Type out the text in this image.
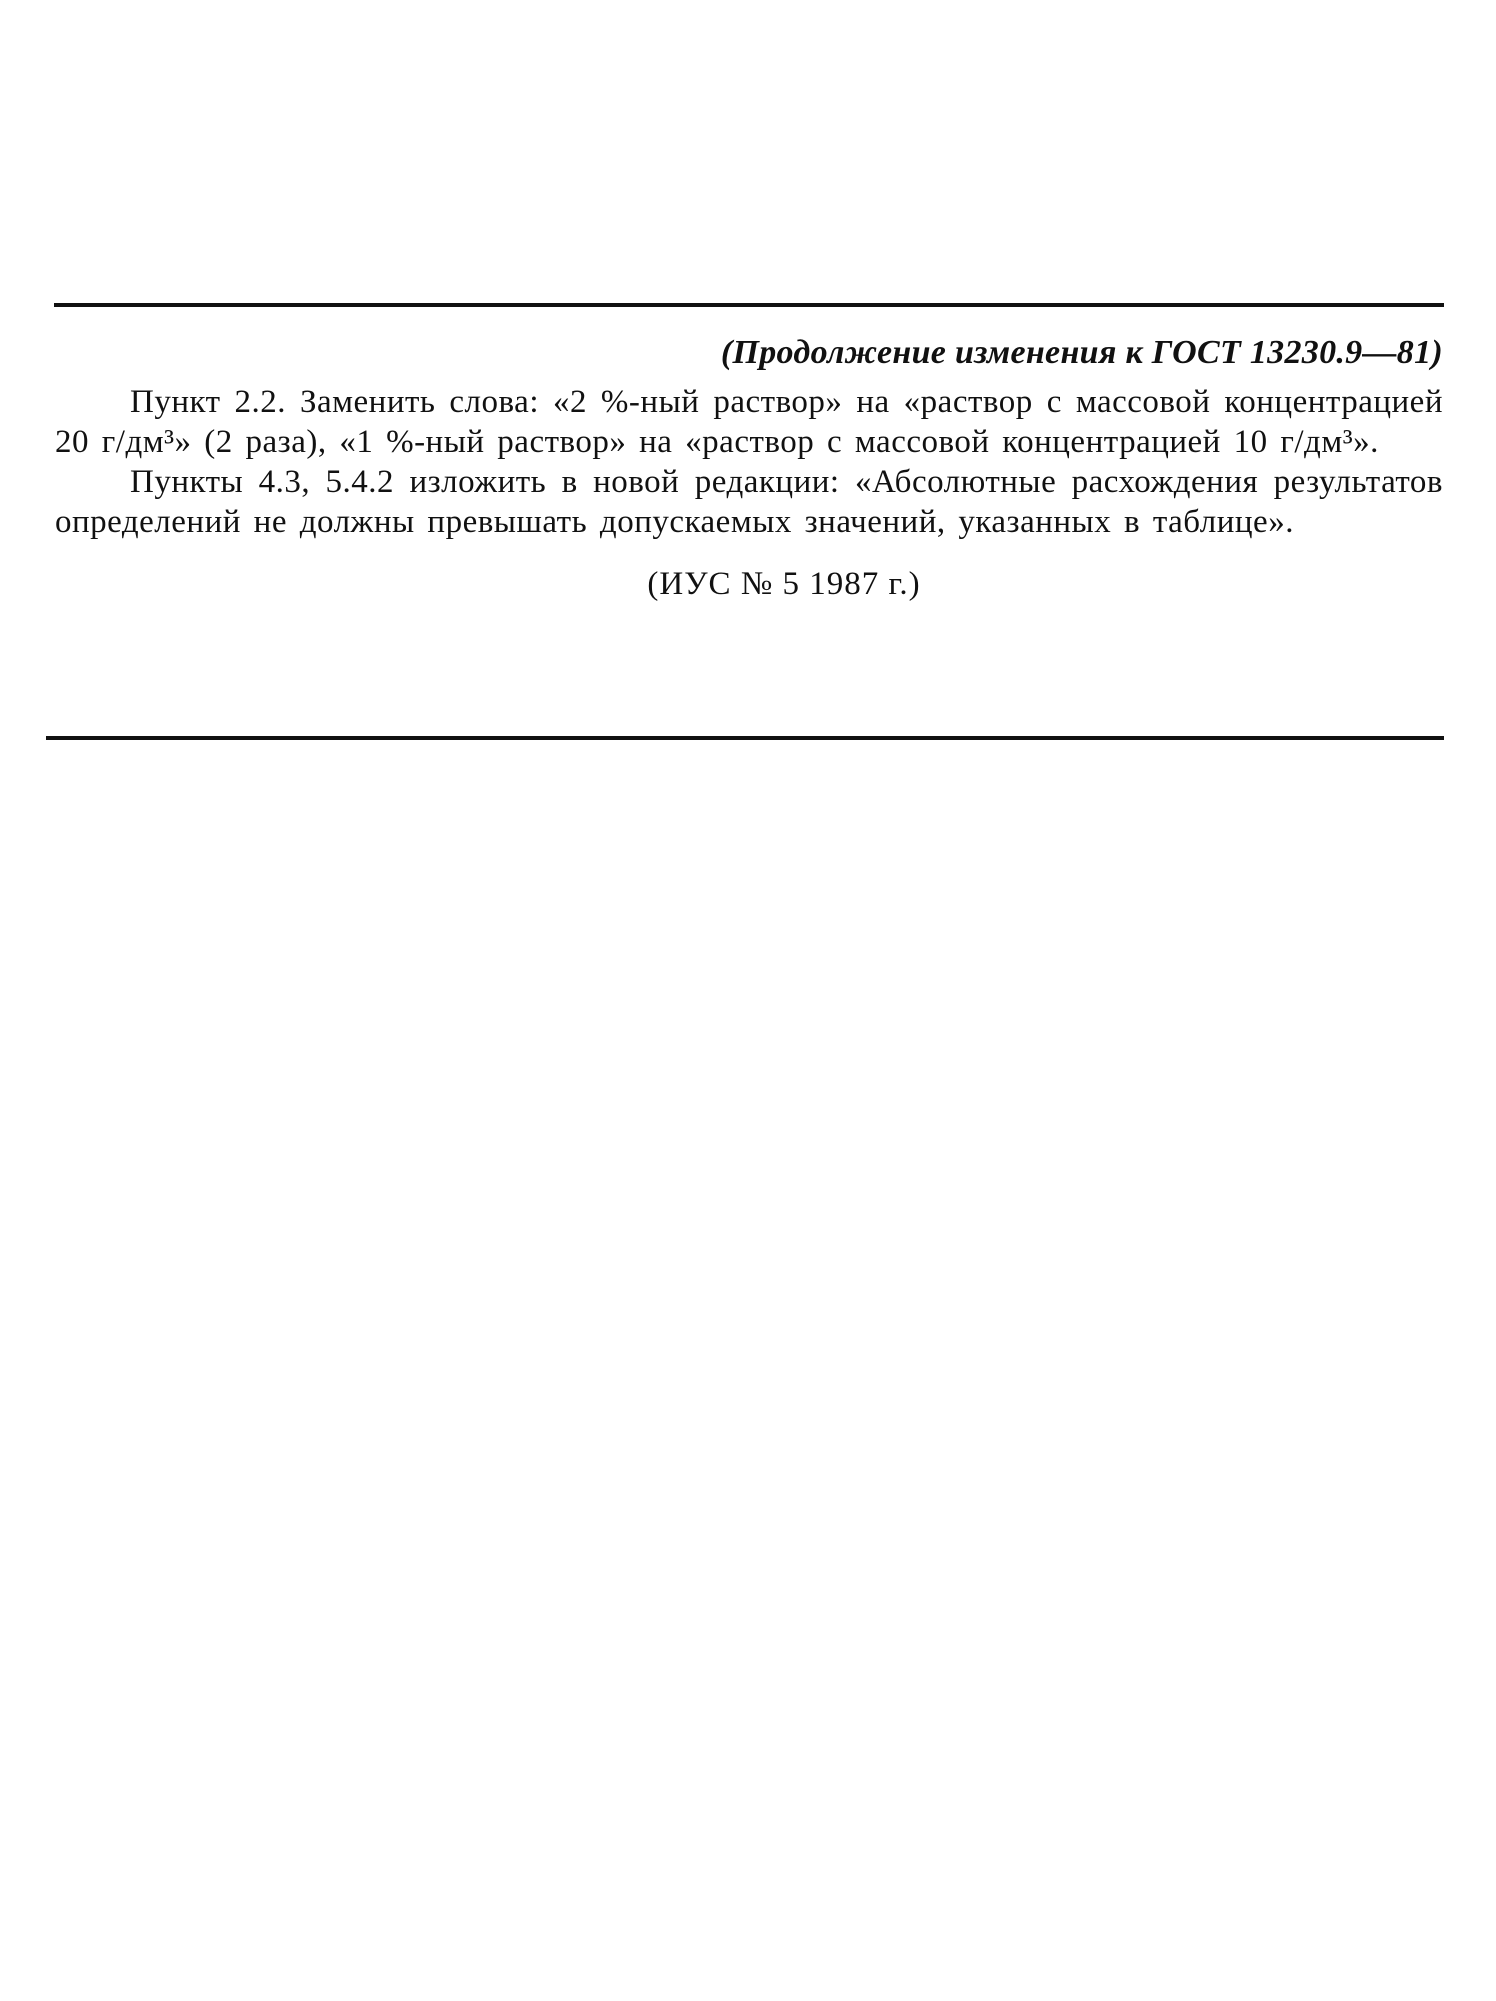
(Продолжение изменения к ГОСТ 13230.9—81)

Пункт 2.2. Заменить слова: «2 %-ный раствор» на «раствор с массовой концентрацией 20 г/дм³» (2 раза), «1 %-ный раствор» на «раствор с массовой концентрацией 10 г/дм³».

Пункты 4.3, 5.4.2 изложить в новой редакции: «Абсолютные расхождения результатов определений не должны превышать допускаемых значений, указанных в таблице».

(ИУС № 5 1987 г.)
